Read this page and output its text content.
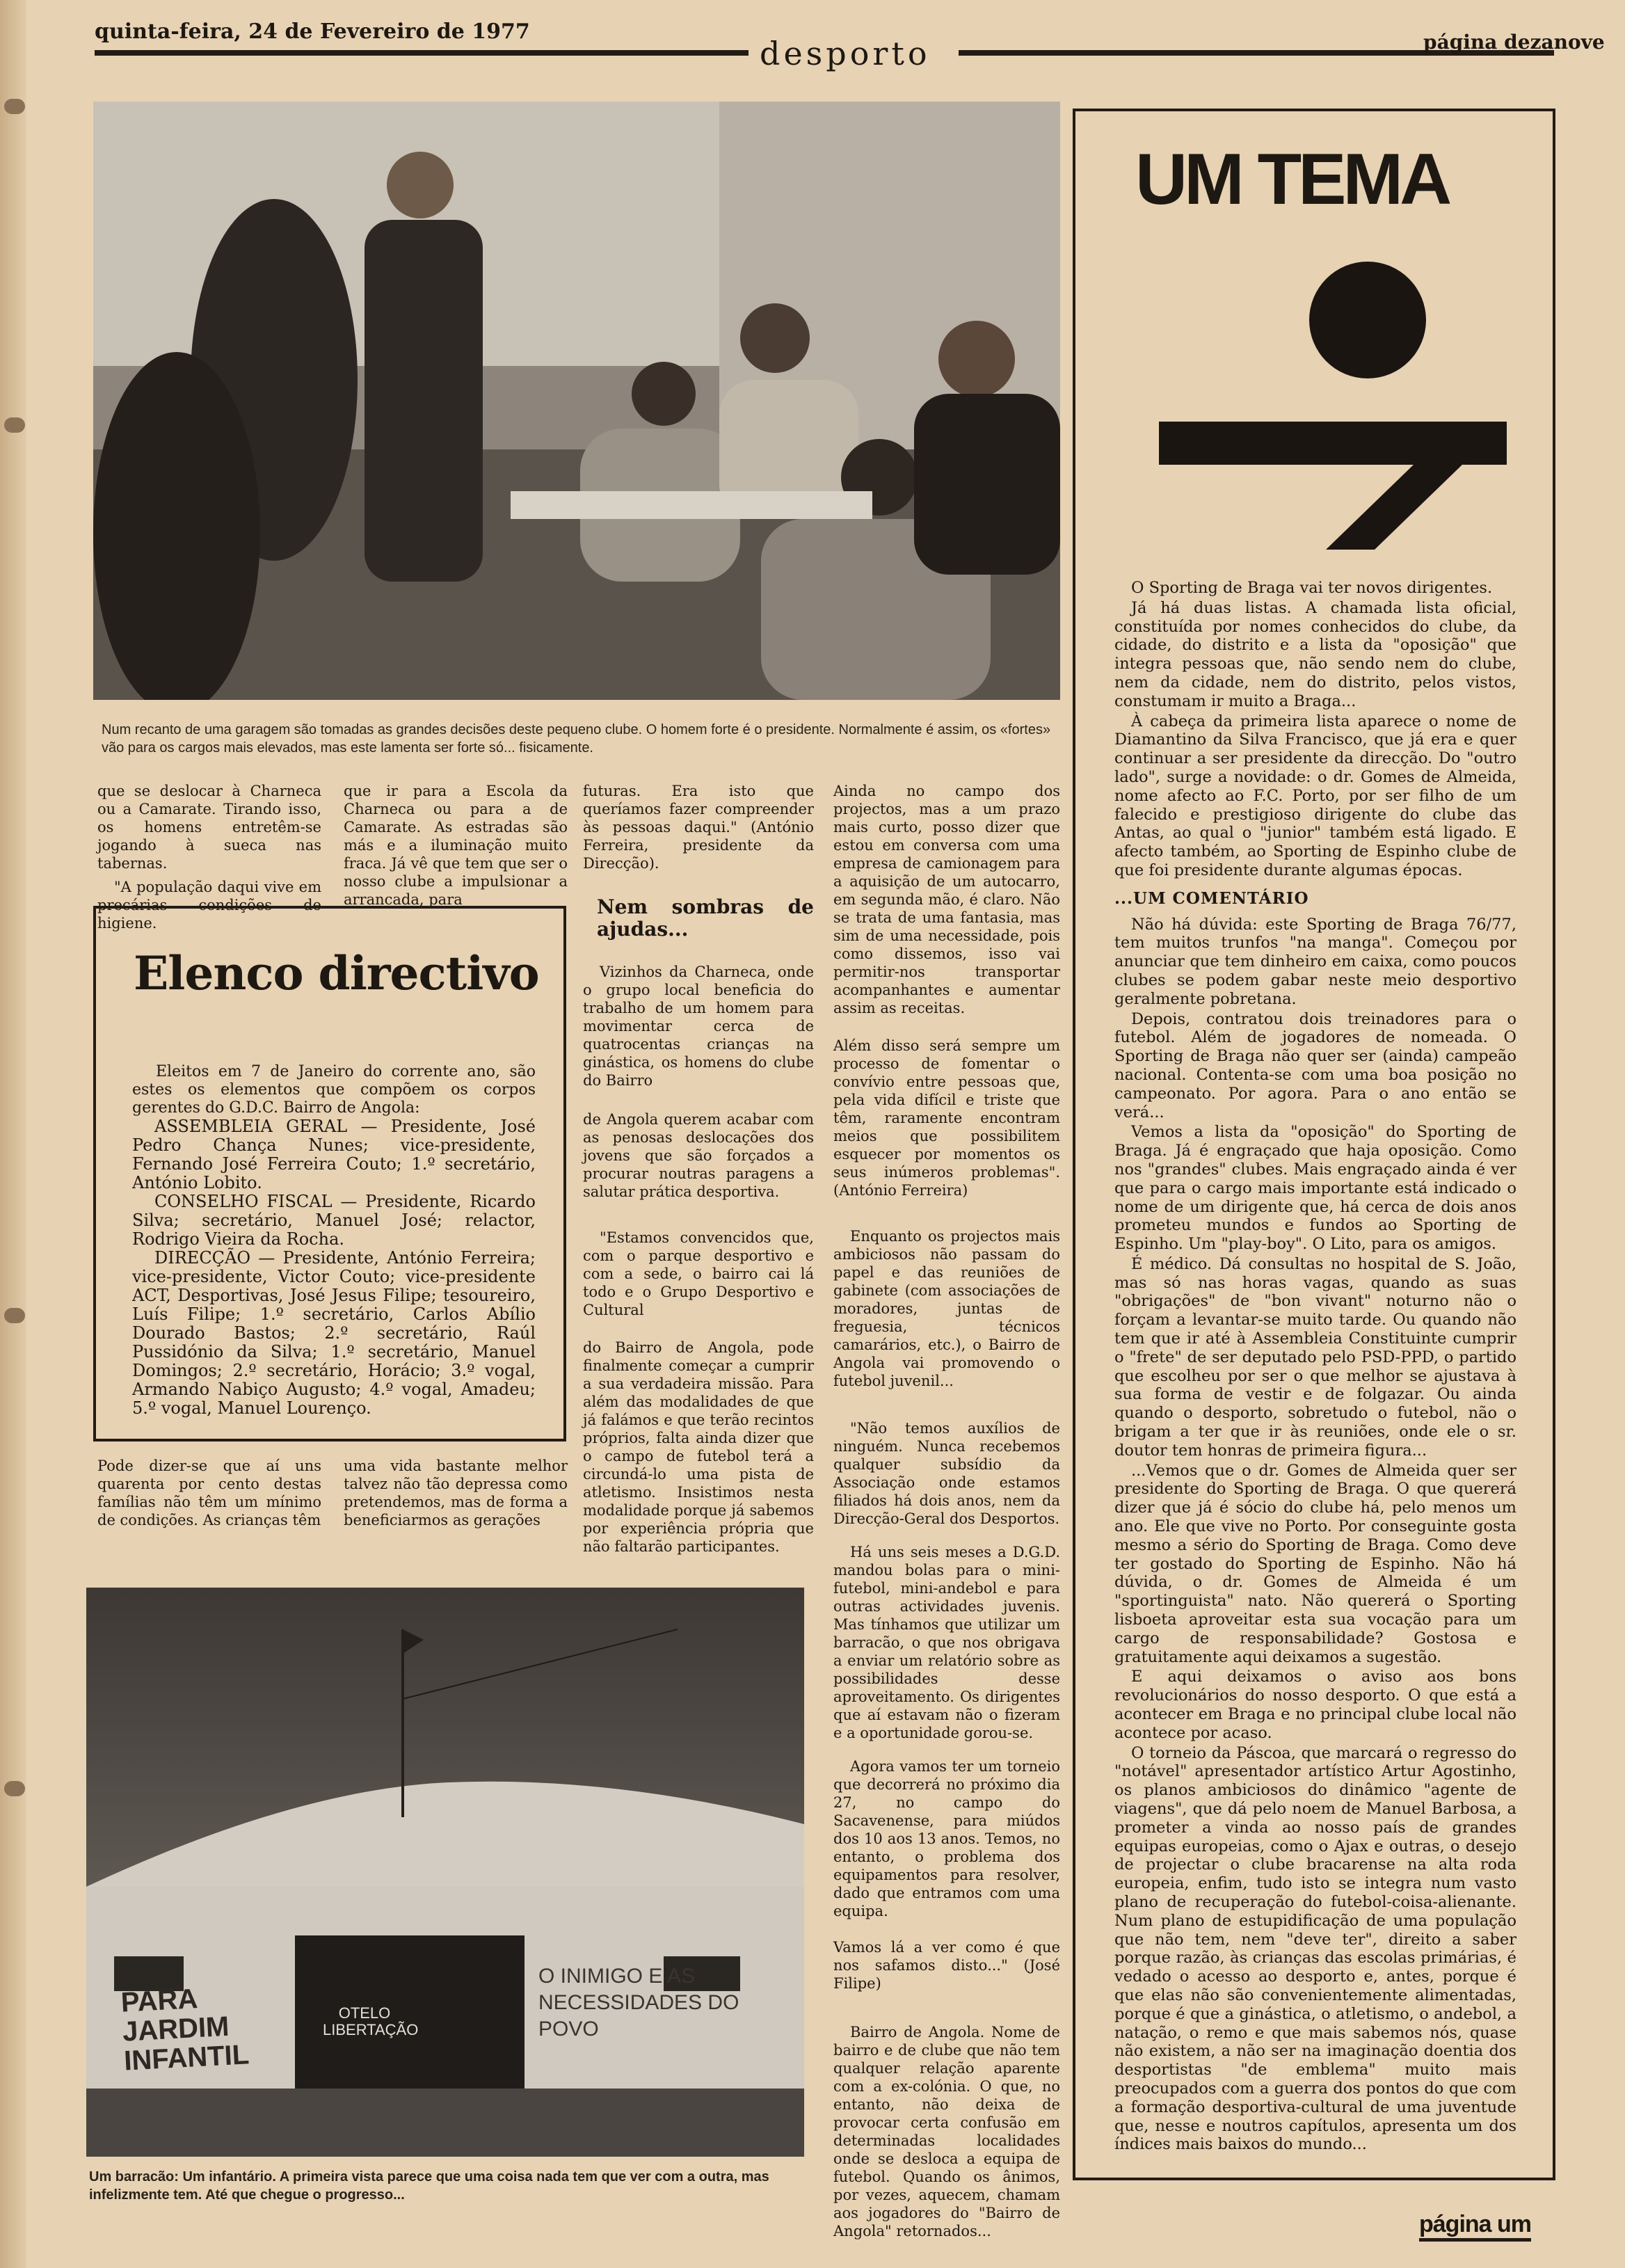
quinta-feira, 24 de Fevereiro de 1977
desporto	página dezanove
Num recanto de uma garagem são tomadas as grandes decisões deste pequeno clube. O homem forte é o presidente. Normalmente é assim, os «fortes» vão para os cargos mais elevados, mas este lamenta ser forte só... fisicamente.

que se deslocar à Charneca ou a Camarate. Tirando isso, os homens entretêm-se jogando à sueca nas tabernas.

"A população daqui vive em precárias condições de higiene.

que ir para a Escola da Charneca ou para a de Camarate. As estradas são más e a iluminação muito fraca. Já vê que tem que ser o nosso clube a impulsionar a arrancada, para

Elenco directivo
Eleitos em 7 de Janeiro do corrente ano, são estes os elementos que compõem os corpos gerentes do G.D.C. Bairro de Angola:

ASSEMBLEIA GERAL — Presidente, José Pedro Chança Nunes; vice-presidente, Fernando José Ferreira Couto; 1.º secretário, António Lobito.

CONSELHO FISCAL — Presidente, Ricardo Silva; secretário, Manuel José; relactor, Rodrigo Vieira da Rocha.

DIRECÇÃO — Presidente, António Ferreira; vice-presidente, Victor Couto; vice-presidente ACT, Desportivas, José Jesus Filipe; tesoureiro, Luís Filipe; 1.º secretário, Carlos Abílio Dourado Bastos; 2.º secretário, Raúl Pussidónio da Silva; 1.º secretário, Manuel Domingos; 2.º secretário, Horácio; 3.º vogal, Armando Nabiço Augusto; 4.º vogal, Amadeu; 5.º vogal, Manuel Lourenço.

Pode dizer-se que aí uns quarenta por cento destas famílias não têm um mínimo de condições. As crianças têm
uma vida bastante melhor talvez não tão depressa como pretendemos, mas de forma a beneficiarmos as gerações

futuras. Era isto que queríamos fazer compreender às pessoas daqui." (António Ferreira, presidente da Direcção).

Nem sombras de ajudas...

Vizinhos da Charneca, onde o grupo local beneficia do trabalho de um homem para movimentar cerca de quatrocentas crianças na ginástica, os homens do clube do Bairro

de Angola querem acabar com as penosas deslocações dos jovens que são forçados a procurar noutras paragens a salutar prática desportiva.

"Estamos convencidos que, com o parque desportivo e com a sede, o bairro cai lá todo e o Grupo Desportivo e Cultural

do Bairro de Angola, pode finalmente começar a cumprir a sua verdadeira missão. Para além das modalidades de que já falámos e que terão recintos próprios, falta ainda dizer que o campo de futebol terá a circundá-lo uma pista de atletismo. Insistimos nesta modalidade porque já sabemos por experiência própria que não faltarão participantes.

Ainda no campo dos projectos, mas a um prazo mais curto, posso dizer que estou em conversa com uma empresa de camionagem para a aquisição de um autocarro, em segunda mão, é claro. Não se trata de uma fantasia, mas sim de uma necessidade, pois como dissemos, isso vai permitir-nos transportar acompanhantes e aumentar assim as receitas.

Além disso será sempre um processo de fomentar o convívio entre pessoas que, pela vida difícil e triste que têm, raramente encontram meios que possibilitem esquecer por momentos os seus inúmeros problemas". (António Ferreira)

Enquanto os projectos mais ambiciosos não passam do papel e das reuniões de gabinete (com associações de moradores, juntas de freguesia, técnicos camarários, etc.), o Bairro de Angola vai promovendo o futebol juvenil...

"Não temos auxílios de ninguém. Nunca recebemos qualquer subsídio da Associação onde estamos filiados há dois anos, nem da Direcção-Geral dos Desportos.

Há uns seis meses a D.G.D. mandou bolas para o mini-futebol, mini-andebol e para outras actividades juvenis. Mas tínhamos que utilizar um barracão, o que nos obrigava a enviar um relatório sobre as possibilidades desse aproveitamento. Os dirigentes que aí estavam não o fizeram e a oportunidade gorou-se.

Agora vamos ter um torneio que decorrerá no próximo dia 27, no campo do Sacavenense, para miúdos dos 10 aos 13 anos. Temos, no entanto, o problema dos equipamentos para resolver, dado que entramos com uma equipa.

Vamos lá a ver como é que nos safamos disto..." (José Filipe)

Bairro de Angola. Nome de bairro e de clube que não tem qualquer relação aparente com a ex-colónia. O que, no entanto, não deixa de provocar certa confusão em determinadas localidades onde se desloca a equipa de futebol. Quando os ânimos, por vezes, aquecem, chamam aos jogadores do "Bairro de Angola" retornados...

PARA JARDIM INFANTIL
OTELO LIBERTAÇÃO
O INIMIGO E AS NECESSIDADES DO POVO
Um barracão: Um infantário. A primeira vista parece que uma coisa nada tem que ver com a outra, mas infelizmente tem. Até que chegue o progresso...
UM TEMA

O Sporting de Braga vai ter novos dirigentes.

Já há duas listas. A chamada lista oficial, constituída por nomes conhecidos do clube, da cidade, do distrito e a lista da "oposição" que integra pessoas que, não sendo nem do clube, nem da cidade, nem do distrito, pelos vistos, constumam ir muito a Braga...

À cabeça da primeira lista aparece o nome de Diamantino da Silva Francisco, que já era e quer continuar a ser presidente da direcção. Do "outro lado", surge a novidade: o dr. Gomes de Almeida, nome afecto ao F.C. Porto, por ser filho de um falecido e prestigioso dirigente do clube das Antas, ao qual o "junior" também está ligado. E afecto também, ao Sporting de Espinho clube de que foi presidente durante algumas épocas.

...UM COMENTÁRIO

Não há dúvida: este Sporting de Braga 76/77, tem muitos trunfos "na manga". Começou por anunciar que tem dinheiro em caixa, como poucos clubes se podem gabar neste meio desportivo geralmente pobretana.

Depois, contratou dois treinadores para o futebol. Além de jogadores de nomeada. O Sporting de Braga não quer ser (ainda) campeão nacional. Contenta-se com uma boa posição no campeonato. Por agora. Para o ano então se verá...

Vemos a lista da "oposição" do Sporting de Braga. Já é engraçado que haja oposição. Como nos "grandes" clubes. Mais engraçado ainda é ver que para o cargo mais importante está indicado o nome de um dirigente que, há cerca de dois anos prometeu mundos e fundos ao Sporting de Espinho. Um "play-boy". O Lito, para os amigos.

É médico. Dá consultas no hospital de S. João, mas só nas horas vagas, quando as suas "obrigações" de "bon vivant" noturno não o forçam a levantar-se muito tarde. Ou quando não tem que ir até à Assembleia Constituinte cumprir o "frete" de ser deputado pelo PSD-PPD, o partido que escolheu por ser o que melhor se ajustava à sua forma de vestir e de folgazar. Ou ainda quando o desporto, sobretudo o futebol, não o brigam a ter que ir às reuniões, onde ele o sr. doutor tem honras de primeira figura...

...Vemos que o dr. Gomes de Almeida quer ser presidente do Sporting de Braga. O que quererá dizer que já é sócio do clube há, pelo menos um ano. Ele que vive no Porto. Por conseguinte gosta mesmo a sério do Sporting de Braga. Como deve ter gostado do Sporting de Espinho. Não há dúvida, o dr. Gomes de Almeida é um "sportinguista" nato. Não quererá o Sporting lisboeta aproveitar esta sua vocação para um cargo de responsabilidade? Gostosa e gratuitamente aqui deixamos a sugestão.

E aqui deixamos o aviso aos bons revolucionários do nosso desporto. O que está a acontecer em Braga e no principal clube local não acontece por acaso.

O torneio da Páscoa, que marcará o regresso do "notável" apresentador artístico Artur Agostinho, os planos ambiciosos do dinâmico "agente de viagens", que dá pelo noem de Manuel Barbosa, a prometer a vinda ao nosso país de grandes equipas europeias, como o Ajax e outras, o desejo de projectar o clube bracarense na alta roda europeia, enfim, tudo isto se integra num vasto plano de recuperação do futebol-coisa-alienante. Num plano de estupidificação de uma população que não tem, nem "deve ter", direito a saber porque razão, às crianças das escolas primárias, é vedado o acesso ao desporto e, antes, porque é que elas não são convenientemente alimentadas, porque é que a ginástica, o atletismo, o andebol, a natação, o remo e que mais sabemos nós, quase não existem, a não ser na imaginação doentia dos desportistas "de emblema" muito mais preocupados com a guerra dos pontos do que com a formação desportiva-cultural de uma juventude que, nesse e noutros capítulos, apresenta um dos índices mais baixos do mundo...

página um
